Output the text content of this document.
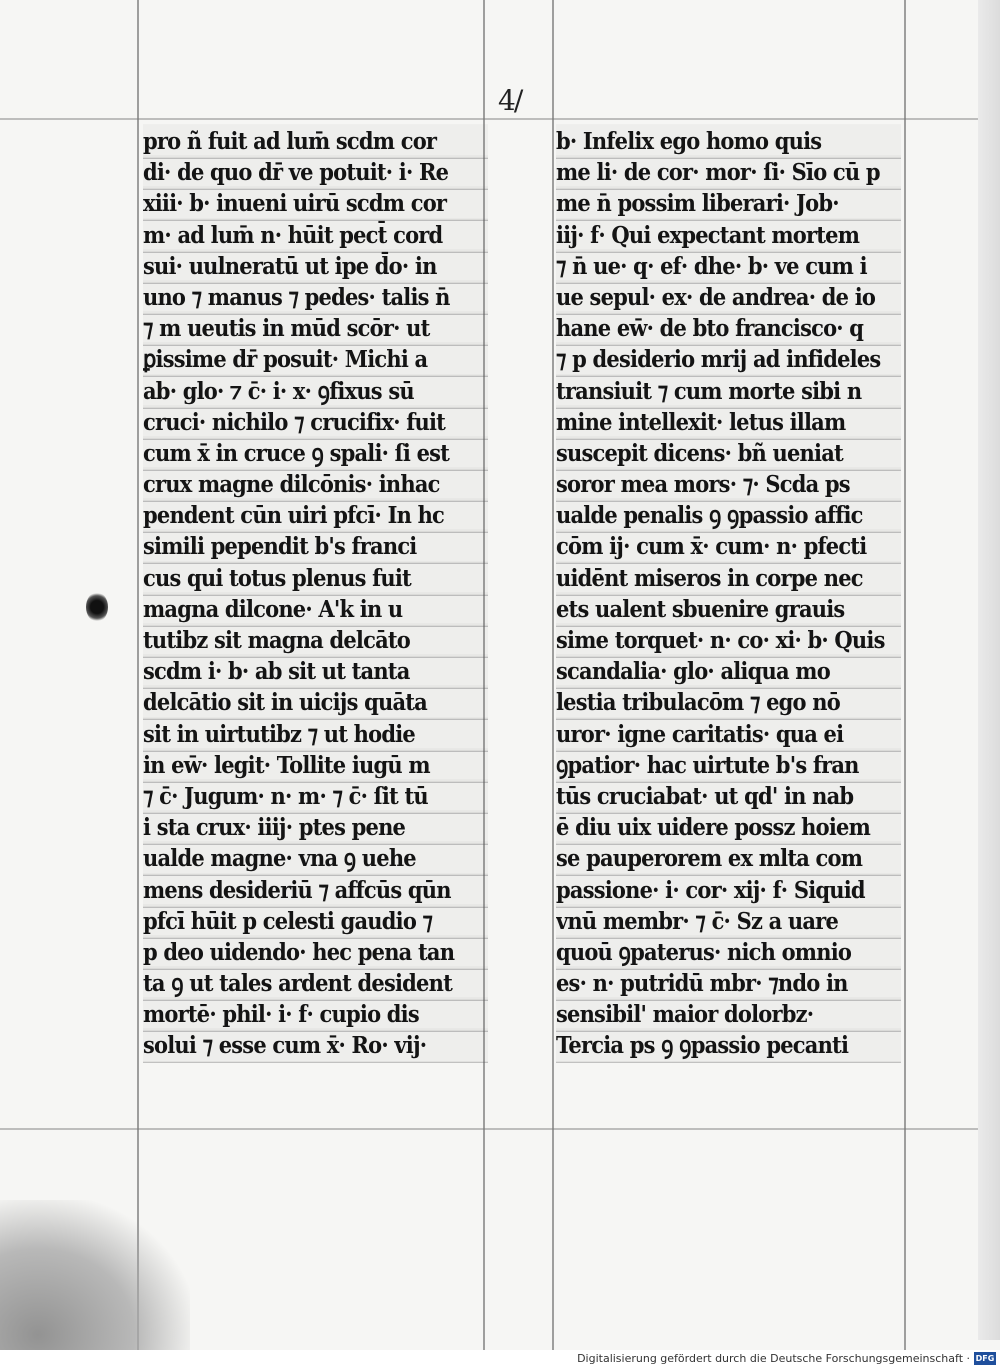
4/
pro ñ fuit ad lum̄ scdm cor
di· de quo dr̄ ve potuit· i· Re
xiii· b· inueni uirū scdm cor
m· ad lum̄ n· hūit pect̄ cord
sui· uulneratū ut ipe d̄o· in
uno ⁊ manus ⁊ pedes· talis n̄
⁊ m ueutis in mūd scōr· ut
ꝑissime dr̄ posuit· Michi a
ab· glo· ⁊ c̄· i· x· ꝯfixus sū
cruci· nichilo ⁊ crucifix· fuit
cum x̄ in cruce ꝯ spali· ſi est
crux magne dilcōnis· inhac
pendent cūn uiri pfcī· In hc
simili pependit b's franci
cus qui totus plenus fuit
magna dilcone· A'k in u
tutibz sit magna delcāto
scdm i· b· ab sit ut tanta
delcātio sit in uicijs quāta
sit in uirtutibz ⁊ ut hodie
in ew̄· legit· Tollite iugū m
⁊ c̄· Jugum· n· m· ⁊ c̄· ſit tū
i sta crux· iiij· ptes pene
ualde magne· vna ꝯ uehe
mens desideriū ⁊ affcūs qūn
pfcī hūit p celesti gaudio ⁊
p deo uidendo· hec pena tan
ta ꝯ ut tales ardent desident
mortē· phil· i· f· cupio dis
solui ⁊ esse cum x̄· Ro· vij·
b· Infelix ego homo quis
me li· de cor· mor· ſi· Sīo cū p
me n̄ possim liberari· Job·
iij· f· Qui expectant mortem
⁊ n̄ ue· q· ef· dhe· b· ve cum i
ue sepul· ex· de andrea· de io
hane ew̄· de bto francisco· q
⁊ p desiderio mrij ad infideles
transiuit ⁊ cum morte sibi n
mine intellexit· letus illam
suscepit dicens· bñ ueniat
soror mea mors· ⁊· Scda ps
ualde penalis ꝯ ꝯpassio affic
cōm ij· cum x̄· cum· n· pfecti
uidēnt miseros in corpe nec
ets ualent sbuenire grauis
sime torquet· n· co· xi· b· Quis
scandalia· glo· aliqua mo
lestia tribulacōm ⁊ ego nō
uror· igne caritatis· qua ei
ꝯpatior· hac uirtute b's fran
tūs cruciabat· ut qd' in nab
ē diu uix uidere possz hoiem
se pauperorem ex mlta com
passione· i· cor· xij· f· Siquid
vnū membr· ⁊ c̄· Sz a uare
quoū ꝯpaterus· nich omnio
es· n· putridū mbr· ⁊ndo in
sensibil' maior dolorbz·
Tercia ps ꝯ ꝯpassio pecanti
Digitalisierung gefördert durch die Deutsche Forschungsgemeinschaft · DFG
